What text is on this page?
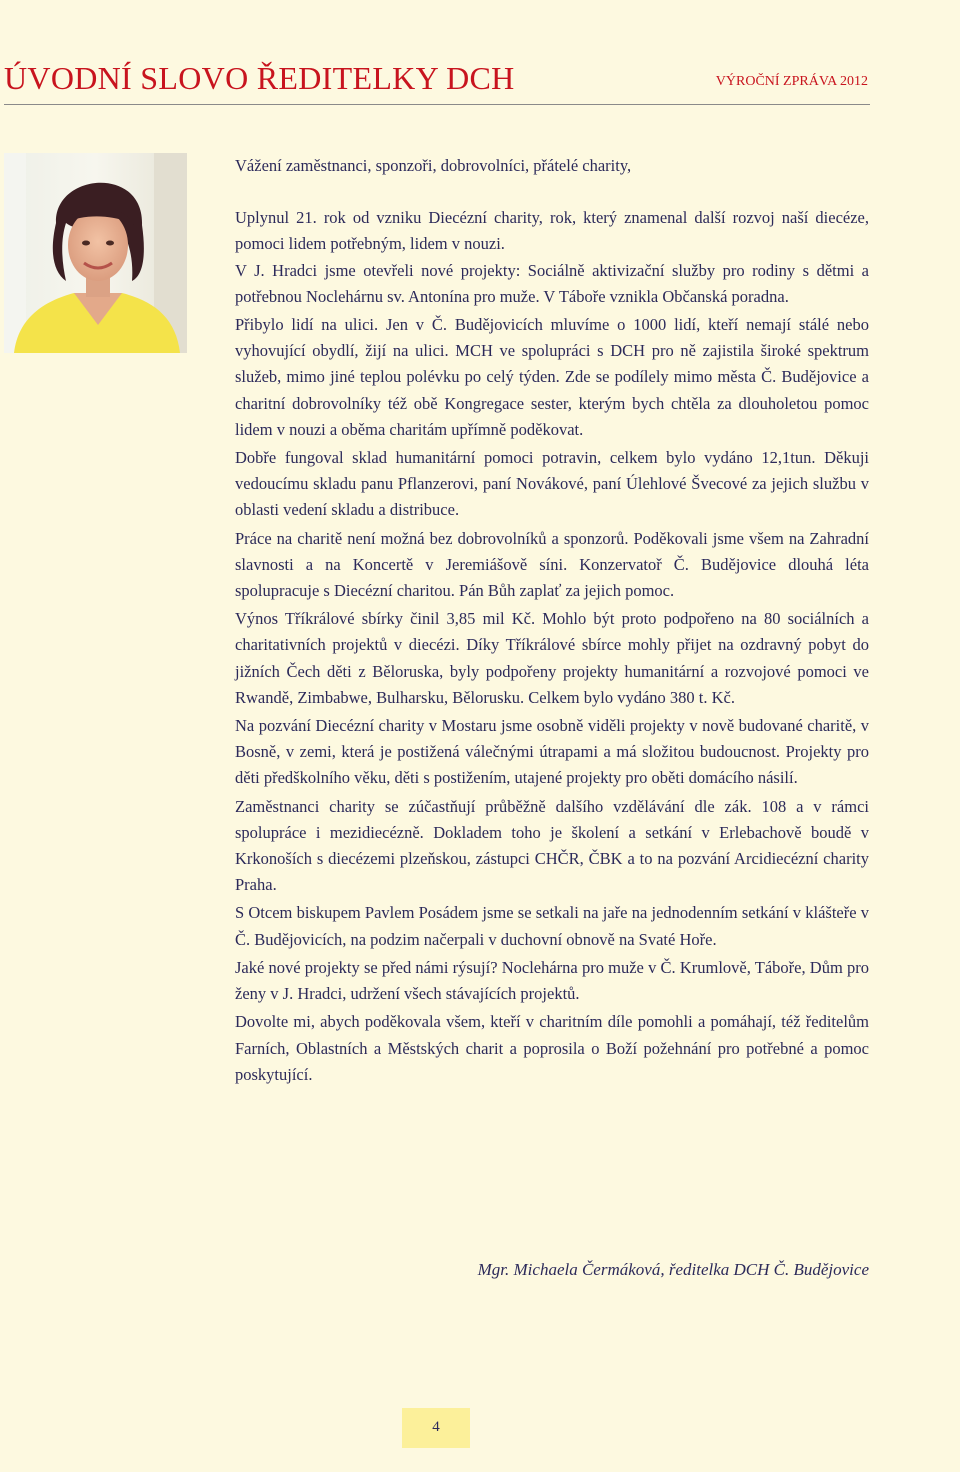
ÚVODNÍ SLOVO ŘEDITELKY DCH	VÝROČNÍ ZPRÁVA 2012

Vážení zaměstnanci, sponzoři, dobrovolníci, přátelé charity,

Uplynul 21. rok od vzniku Diecézní charity, rok, který znamenal další rozvoj naší diecéze, pomoci lidem potřebným, lidem v nouzi.

V J. Hradci jsme otevřeli nové projekty: Sociálně aktivizační služby pro rodiny s dětmi a potřebnou Noclehárnu sv. Antonína pro muže. V Táboře vznikla Občanská poradna.

Přibylo lidí na ulici. Jen v Č. Budějovicích mluvíme o 1000 lidí, kteří nemají stálé nebo vyhovující obydlí, žijí na ulici. MCH ve spolupráci s DCH pro ně zajistila široké spektrum služeb, mimo jiné teplou polévku po celý týden. Zde se podílely mimo města Č. Budějovice a charitní dobrovolníky též obě Kongregace sester, kterým bych chtěla za dlouholetou pomoc lidem v nouzi a oběma charitám upřímně poděkovat.

Dobře fungoval sklad humanitární pomoci potravin, celkem bylo vydáno 12,1tun. Děkuji vedoucímu skladu panu Pflanzerovi, paní Novákové, paní Úlehlové Švecové za jejich službu v oblasti vedení skladu a distribuce.

Práce na charitě není možná bez dobrovolníků a sponzorů. Poděkovali jsme všem na Zahradní slavnosti a na Koncertě v Jeremiášově síni. Konzervatoř Č. Budějovice dlouhá léta spolupracuje s Diecézní charitou. Pán Bůh zaplať za jejich pomoc.

Výnos Tříkrálové sbírky činil 3,85 mil Kč. Mohlo být proto podpořeno na 80 sociálních a charitativních projektů v diecézi. Díky Tříkrálové sbírce mohly přijet na ozdravný pobyt do jižních Čech děti z Běloruska, byly podpořeny projekty humanitární a rozvojové pomoci ve Rwandě, Zimbabwe, Bulharsku, Bělorusku. Celkem bylo vydáno 380 t. Kč.

Na pozvání Diecézní charity v Mostaru jsme osobně viděli projekty v nově budované charitě, v Bosně, v zemi, která je postižená válečnými útrapami a má složitou budoucnost. Projekty pro děti předškolního věku, děti s postižením, utajené projekty pro oběti domácího násilí.

Zaměstnanci charity se zúčastňují průběžně dalšího vzdělávání dle zák. 108 a v rámci spolupráce i mezidiecézně. Dokladem toho je školení a setkání v Erlebachově boudě v Krkonoších s diecézemi plzeňskou, zástupci CHČR, ČBK a to na pozvání Arcidiecézní charity Praha.

S Otcem biskupem Pavlem Posádem jsme se setkali na jaře na jednodenním setkání v klášteře v Č. Budějovicích, na podzim načerpali v duchovní obnově na Svaté Hoře.

Jaké nové projekty se před námi rýsují? Noclehárna pro muže v Č. Krumlově, Táboře, Dům pro ženy v J. Hradci, udržení všech stávajících projektů.

Dovolte mi, abych poděkovala všem, kteří v charitním díle pomohli a pomáhají, též ředitelům Farních, Oblastních a Městských charit a poprosila o Boží požehnání pro potřebné a pomoc poskytující.

Mgr. Michaela Čermáková, ředitelka DCH Č. Budějovice
4
